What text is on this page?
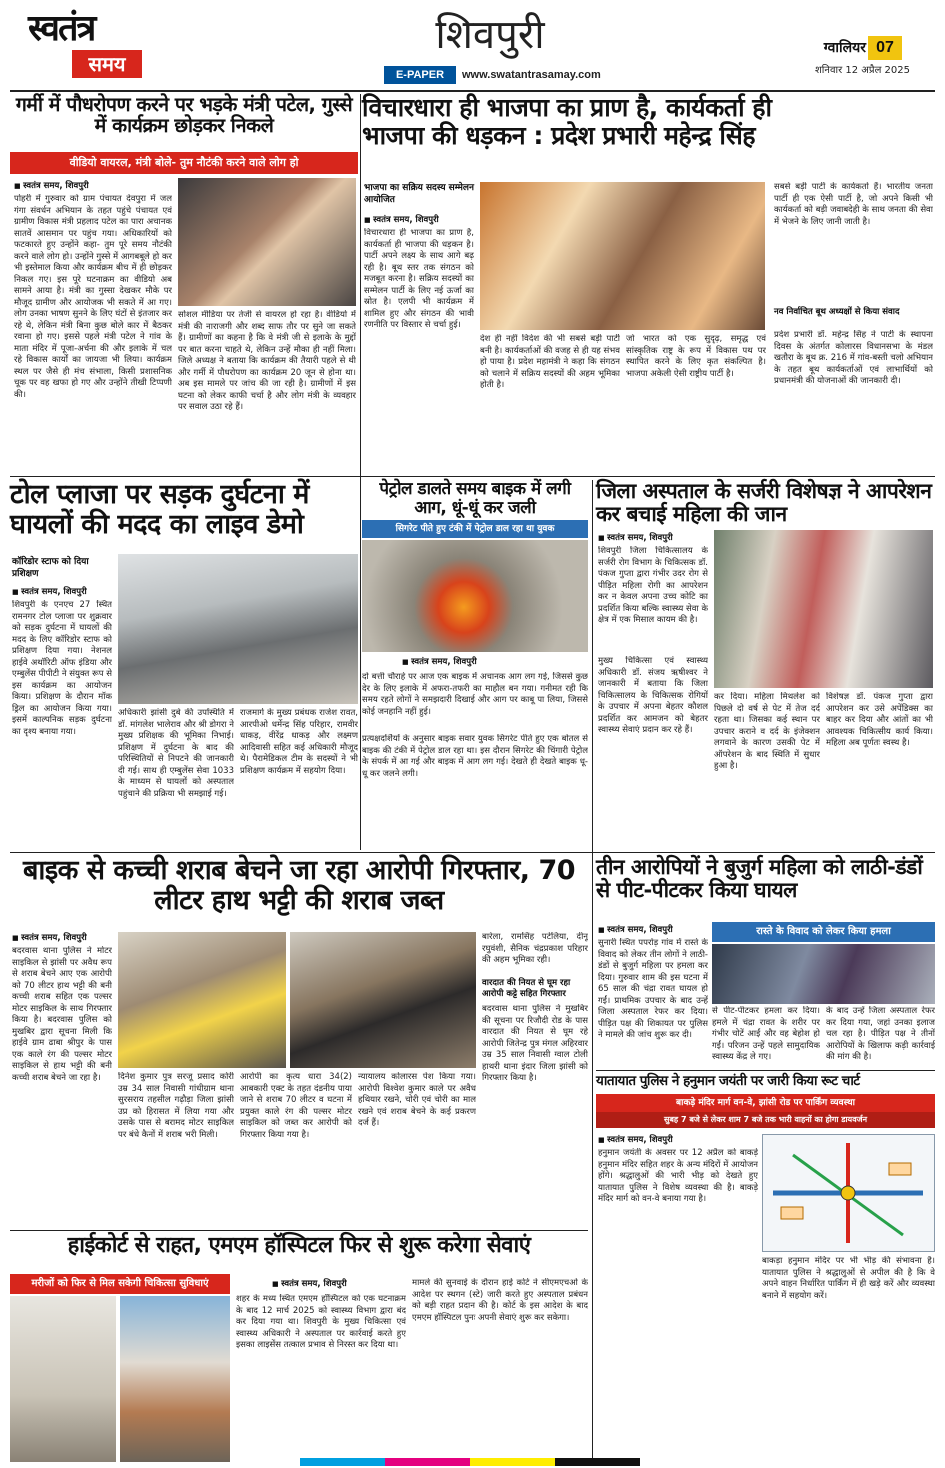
स्वतंत्र
समय
शिवपुरी
E-PAPER	www.swatantrasamay.com
ग्वालियर 07
शनिवार 12 अप्रैल 2025
गर्मी में पौधरोपण करने पर भड़के मंत्री पटेल, गुस्से में कार्यक्रम छोड़कर निकले
वीडियो वायरल, मंत्री बोले- तुम नौटंकी करने वाले लोग हो
■ स्वतंत्र समय, शिवपुरी
पोहरी में गुरुवार को ग्राम पंचायत देवपुरा में जल गंगा संवर्धन अभियान के तहत पहुंचे पंचायत एवं ग्रामीण विकास मंत्री प्रहलाद पटेल का पारा अचानक सातवें आसमान पर पहुंच गया। अधिकारियों को फटकारते हुए उन्होंने कहा- तुम पूरे समय नौटंकी करने वाले लोग हो। उन्होंने गुस्से में आगबबूले हो कर भी इस्तेमाल किया और कार्यक्रम बीच में ही छोड़कर निकल गए। इस पूरे घटनाक्रम का वीडियो अब सामने आया है। मंत्री का गुस्सा देखकर मौके पर मौजूद ग्रामीण और आयोजक भी सकते में आ गए। लोग उनका भाषण सुनने के लिए घंटों से इंतजार कर रहे थे, लेकिन मंत्री बिना कुछ बोले कार में बैठकर रवाना हो गए। इससे पहले मंत्री पटेल ने गांव के माता मंदिर में पूजा-अर्चना की और इलाके में चल रहे विकास कार्यों का जायजा भी लिया। कार्यक्रम स्थल पर जैसे ही मंच संभाला, किसी प्रशासनिक चूक पर वह खफा हो गए और उन्होंने तीखी टिप्पणी की।
सोशल मीडिया पर तेजी से वायरल हो रहा है। वीडियो में मंत्री की नाराजगी और शब्द साफ तौर पर सुने जा सकते हैं। ग्रामीणों का कहना है कि वे मंत्री जी से इलाके के मुद्दों पर बात करना चाहते थे, लेकिन उन्हें मौका ही नहीं मिला। जिले अध्यक्ष ने बताया कि कार्यक्रम की तैयारी पहले से थी और गर्मी में पौधरोपण का कार्यक्रम 20 जून से होना था। अब इस मामले पर जांच की जा रही है। ग्रामीणों में इस घटना को लेकर काफी चर्चा है और लोग मंत्री के व्यवहार पर सवाल उठा रहे हैं।
विचारधारा ही भाजपा का प्राण है, कार्यकर्ता ही भाजपा की धड़कन : प्रदेश प्रभारी महेन्द्र सिंह
भाजपा का सक्रिय सदस्य सम्मेलन आयोजित
■ स्वतंत्र समय, शिवपुरी
विचारधारा ही भाजपा का प्राण है, कार्यकर्ता ही भाजपा की धड़कन है। पार्टी अपने लक्ष्य के साथ आगे बढ़ रही है। बूथ स्तर तक संगठन को मजबूत करना है। सक्रिय सदस्यों का सम्मेलन पार्टी के लिए नई ऊर्जा का स्रोत है। एलपी भी कार्यक्रम में शामिल हुए और संगठन की भावी रणनीति पर विस्तार से चर्चा हुई।
देश ही नहीं विदेश की भी सबसे बड़ी पार्टी बनी है। कार्यकर्ताओं की वजह से ही यह संभव हो पाया है। प्रदेश महामंत्री ने कहा कि संगठन को चलाने में सक्रिय सदस्यों की अहम भूमिका होती है।
जो भारत को एक सुदृढ़, समृद्ध एवं सांस्कृतिक राष्ट्र के रूप में विकास पथ पर स्थापित करने के लिए कृत संकल्पित है। भाजपा अकेली ऐसी राष्ट्रीय पार्टी है।
सबसे बड़ी पार्टी के कार्यकर्ता हैं। भारतीय जनता पार्टी ही एक ऐसी पार्टी है, जो अपने किसी भी कार्यकर्ता को बड़ी जवाबदेही के साथ जनता की सेवा में भेजने के लिए जानी जाती है।
नव निर्वाचित बूथ अध्यक्षों से किया संवाद
प्रदेश प्रभारी डॉ. महेन्द्र सिंह ने पार्टी के स्थापना दिवस के अंतर्गत कोलारस विधानसभा के मंडल खतौरा के बूथ क्र. 216 में गांव-बस्ती चलो अभियान के तहत बूथ कार्यकर्ताओं एवं लाभार्थियों को प्रधानमंत्री की योजनाओं की जानकारी दी।
टोल प्लाजा पर सड़क दुर्घटना में घायलों की मदद का लाइव डेमो
कॉरिडोर स्टाफ को दिया प्रशिक्षण
■ स्वतंत्र समय, शिवपुरी
शिवपुरी के एनएच 27 स्थित रामनगर टोल प्लाजा पर शुक्रवार को सड़क दुर्घटना में घायलों की मदद के लिए कॉरिडोर स्टाफ को प्रशिक्षण दिया गया। नेशनल हाईवे अथॉरिटी ऑफ इंडिया और एम्बुलेंस पीपीटी ने संयुक्त रूप से इस कार्यक्रम का आयोजन किया। प्रशिक्षण के दौरान मॉक ड्रिल का आयोजन किया गया। इसमें काल्पनिक सड़क दुर्घटना का दृश्य बनाया गया।
अधिकारी झांसी दुबे की उपस्थिति में डॉ. मांगलेश भालेराव और श्री डोगरा ने मुख्य प्रशिक्षक की भूमिका निभाई। प्रशिक्षण में दुर्घटना के बाद की परिस्थितियों से निपटने की जानकारी दी गई। साथ ही एम्बुलेंस सेवा 1033 के माध्यम से घायलों को अस्पताल पहुंचाने की प्रक्रिया भी समझाई गई।
राजमार्ग के मुख्य प्रबंधक राजेश रावत, आरपीओ धर्मेन्द्र सिंह परिहार, रामवीर धाकड़, वीरेंद्र धाकड़ और लक्ष्मण आदिवासी सहित कई अधिकारी मौजूद थे। पैरामेडिकल टीम के सदस्यों ने भी प्रशिक्षण कार्यक्रम में सहयोग दिया।
पेट्रोल डालते समय बाइक में लगी आग, धूं-धूं कर जली
सिगरेट पीते हुए टंकी में पेट्रोल डाल रहा था युवक
■ स्वतंत्र समय, शिवपुरी
दो बत्ती चौराहे पर आज एक बाइक में अचानक आग लग गई, जिससे कुछ देर के लिए इलाके में अफरा-तफरी का माहौल बन गया। गनीमत रही कि समय रहते लोगों ने समझदारी दिखाई और आग पर काबू पा लिया, जिससे कोई जनहानि नहीं हुई।
प्रत्यक्षदर्शियों के अनुसार बाइक सवार युवक सिगरेट पीते हुए एक बोतल से बाइक की टंकी में पेट्रोल डाल रहा था। इस दौरान सिगरेट की चिंगारी पेट्रोल के संपर्क में आ गई और बाइक में आग लग गई। देखते ही देखते बाइक धू-धू कर जलने लगी।
जिला अस्पताल के सर्जरी विशेषज्ञ ने आपरेशन कर बचाई महिला की जान
■ स्वतंत्र समय, शिवपुरी
शिवपुरी जिला चिकित्सालय के सर्जरी रोग विभाग के चिकित्सक डॉ. पंकज गुप्ता द्वारा गंभीर उदर रोग से पीड़ित महिला रोगी का आपरेशन कर न केवल अपना उच्च कोटि का प्रदर्शित किया बल्कि स्वास्थ्य सेवा के क्षेत्र में एक मिसाल कायम की है।
मुख्य चिकित्सा एवं स्वास्थ्य अधिकारी डॉ. संजय ऋषीश्वर ने जानकारी में बताया कि जिला चिकित्सालय के चिकित्सक रोगियों के उपचार में अपना बेहतर कौशल प्रदर्शित कर आमजन को बेहतर स्वास्थ्य सेवाएं प्रदान कर रहे हैं।
कर दिया। महिला मिथलेश को पिछले दो वर्ष से पेट में तेज दर्द रहता था। जिसका कई स्थान पर उपचार कराने व दर्द के इंजेक्शन लगवाने के कारण उसकी पेट में ऑपरेशन के बाद स्थिति में सुधार हुआ है।
विशेषज्ञ डॉ. पंकज गुप्ता द्वारा आपरेशन कर उसे अपेंडिक्स का बाहर कर दिया और आंतों का भी आवश्यक चिकित्सीय कार्य किया। महिला अब पूर्णतः स्वस्थ है।
बाइक से कच्ची शराब बेचने जा रहा आरोपी गिरफ्तार, 70 लीटर हाथ भट्टी की शराब जब्त
■ स्वतंत्र समय, शिवपुरी
बदरवास थाना पुलिस ने मोटर साइकिल से झांसी पर अवैध रूप से शराब बेचने आए एक आरोपी को 70 लीटर हाथ भट्टी की बनी कच्ची शराब सहित एक पल्सर मोटर साइकिल के साथ गिरफ्तार किया है। बदरवास पुलिस को मुखबिर द्वारा सूचना मिली कि हाईवे ग्राम ढाबा श्रीपुर के पास एक काले रंग की पल्सर मोटर साइकिल से हाथ भट्टी की बनी कच्ची शराब बेचने जा रहा है।	दिनेश कुमार पुत्र सरजू प्रसाद कोरी उम्र 34 साल निवासी गांधीग्राम थाना सुरसराय तहसील गढ़ौड़ा जिला झांसी उप्र को हिरासत में लिया गया और उसके पास से बरामद मोटर साइकिल पर बंधे कैनों में शराब भरी मिली।
आरोपी का कृत्य धारा 34(2) आबकारी एक्ट के तहत दंडनीय पाया जाने से शराब 70 लीटर व घटना में प्रयुक्त काले रंग की पल्सर मोटर साइकिल को जब्त कर आरोपी को गिरफ्तार किया गया है।
न्यायालय कोलारस पेश किया गया। आरोपी विश्वेश कुमार काले पर अवैध हथियार रखने, चोरी एवं चोरी का माल रखने एवं शराब बेचने के कई प्रकरण दर्ज हैं।
बारेला, रामसिंह पटेलिया, दीनू रघुवंशी, सैनिक चंद्रप्रकाश परिहार की अहम भूमिका रही।
वारदात की नियत से घूम रहा आरोपी कट्टे सहित गिरफ्तार
बदरवास थाना पुलिस ने मुखबिर की सूचना पर रिजौदी रोड के पास वारदात की नियत से घूम रहे आरोपी जितेन्द्र पुत्र मंगल अहिरवार उम्र 35 साल निवासी ग्वाल टोली हाथरी थाना इंदार जिला झांसी को गिरफ्तार किया है।
तीन आरोपियों ने बुजुर्ग महिला को लाठी-डंडों से पीट-पीटकर किया घायल
■ स्वतंत्र समय, शिवपुरी	रास्ते के विवाद को लेकर किया हमला
सुनारी स्थित पपर्राड़ गांव में रास्ते के विवाद को लेकर तीन लोगों ने लाठी-डंडों से बुजुर्ग महिला पर हमला कर दिया। गुरुवार शाम की इस घटना में 65 साल की चंद्रा रावत घायल हो गईं। प्राथमिक उपचार के बाद उन्हें जिला अस्पताल रेफर कर दिया। पीड़ित पक्ष की शिकायत पर पुलिस ने मामले की जांच शुरू कर दी।
से पीट-पीटकर हमला कर दिया। हमले में चंद्रा रावत के शरीर पर गंभीर चोटें आईं और वह बेहोश हो गईं। परिजन उन्हें पहले सामुदायिक स्वास्थ्य केंद्र ले गए।
के बाद उन्हें जिला अस्पताल रेफर कर दिया गया, जहां उनका इलाज चल रहा है। पीड़ित पक्ष ने तीनों आरोपियों के खिलाफ कड़ी कार्रवाई की मांग की है।
यातायात पुलिस ने हनुमान जयंती पर जारी किया रूट चार्ट
बाकड़े मंदिर मार्ग वन-वे, झांसी रोड पर पार्किंग व्यवस्था
सुबह 7 बजे से लेकर शाम 7 बजे तक भारी वाहनों का होगा डायवर्जन
■ स्वतंत्र समय, शिवपुरी
हनुमान जयंती के अवसर पर 12 अप्रैल को बाकड़े हनुमान मंदिर सहित शहर के अन्य मंदिरों में आयोजन होंगे। श्रद्धालुओं की भारी भीड़ को देखते हुए यातायात पुलिस ने विशेष व्यवस्था की है। बाकड़े मंदिर मार्ग को वन-वे बनाया गया है।
बाकड़ा हनुमान मंदिर पर भी भीड़ की संभावना है। यातायात पुलिस ने श्रद्धालुओं से अपील की है कि वे अपने वाहन निर्धारित पार्किंग में ही खड़े करें और व्यवस्था बनाने में सहयोग करें।
हाईकोर्ट से राहत, एमएम हॉस्पिटल फिर से शुरू करेगा सेवाएं
मरीजों को फिर से मिल सकेगी चिकित्सा सुविधाएं
■	स्वतंत्र समय, शिवपुरी
शहर के मध्य स्थित एमएम हॉस्पिटल को एक घटनाक्रम के बाद 12 मार्च 2025 को स्वास्थ्य विभाग द्वारा बंद कर दिया गया था। शिवपुरी के मुख्य चिकित्सा एवं स्वास्थ्य अधिकारी ने अस्पताल पर कार्रवाई करते हुए इसका लाइसेंस तत्काल प्रभाव से निरस्त कर दिया था।
मामले की सुनवाई के दौरान हाई कोर्ट ने सीएमएचओ के आदेश पर स्थगन (स्टे) जारी करते हुए अस्पताल प्रबंधन को बड़ी राहत प्रदान की है। कोर्ट के इस आदेश के बाद एमएम हॉस्पिटल पुनः अपनी सेवाएं शुरू कर सकेगा।
